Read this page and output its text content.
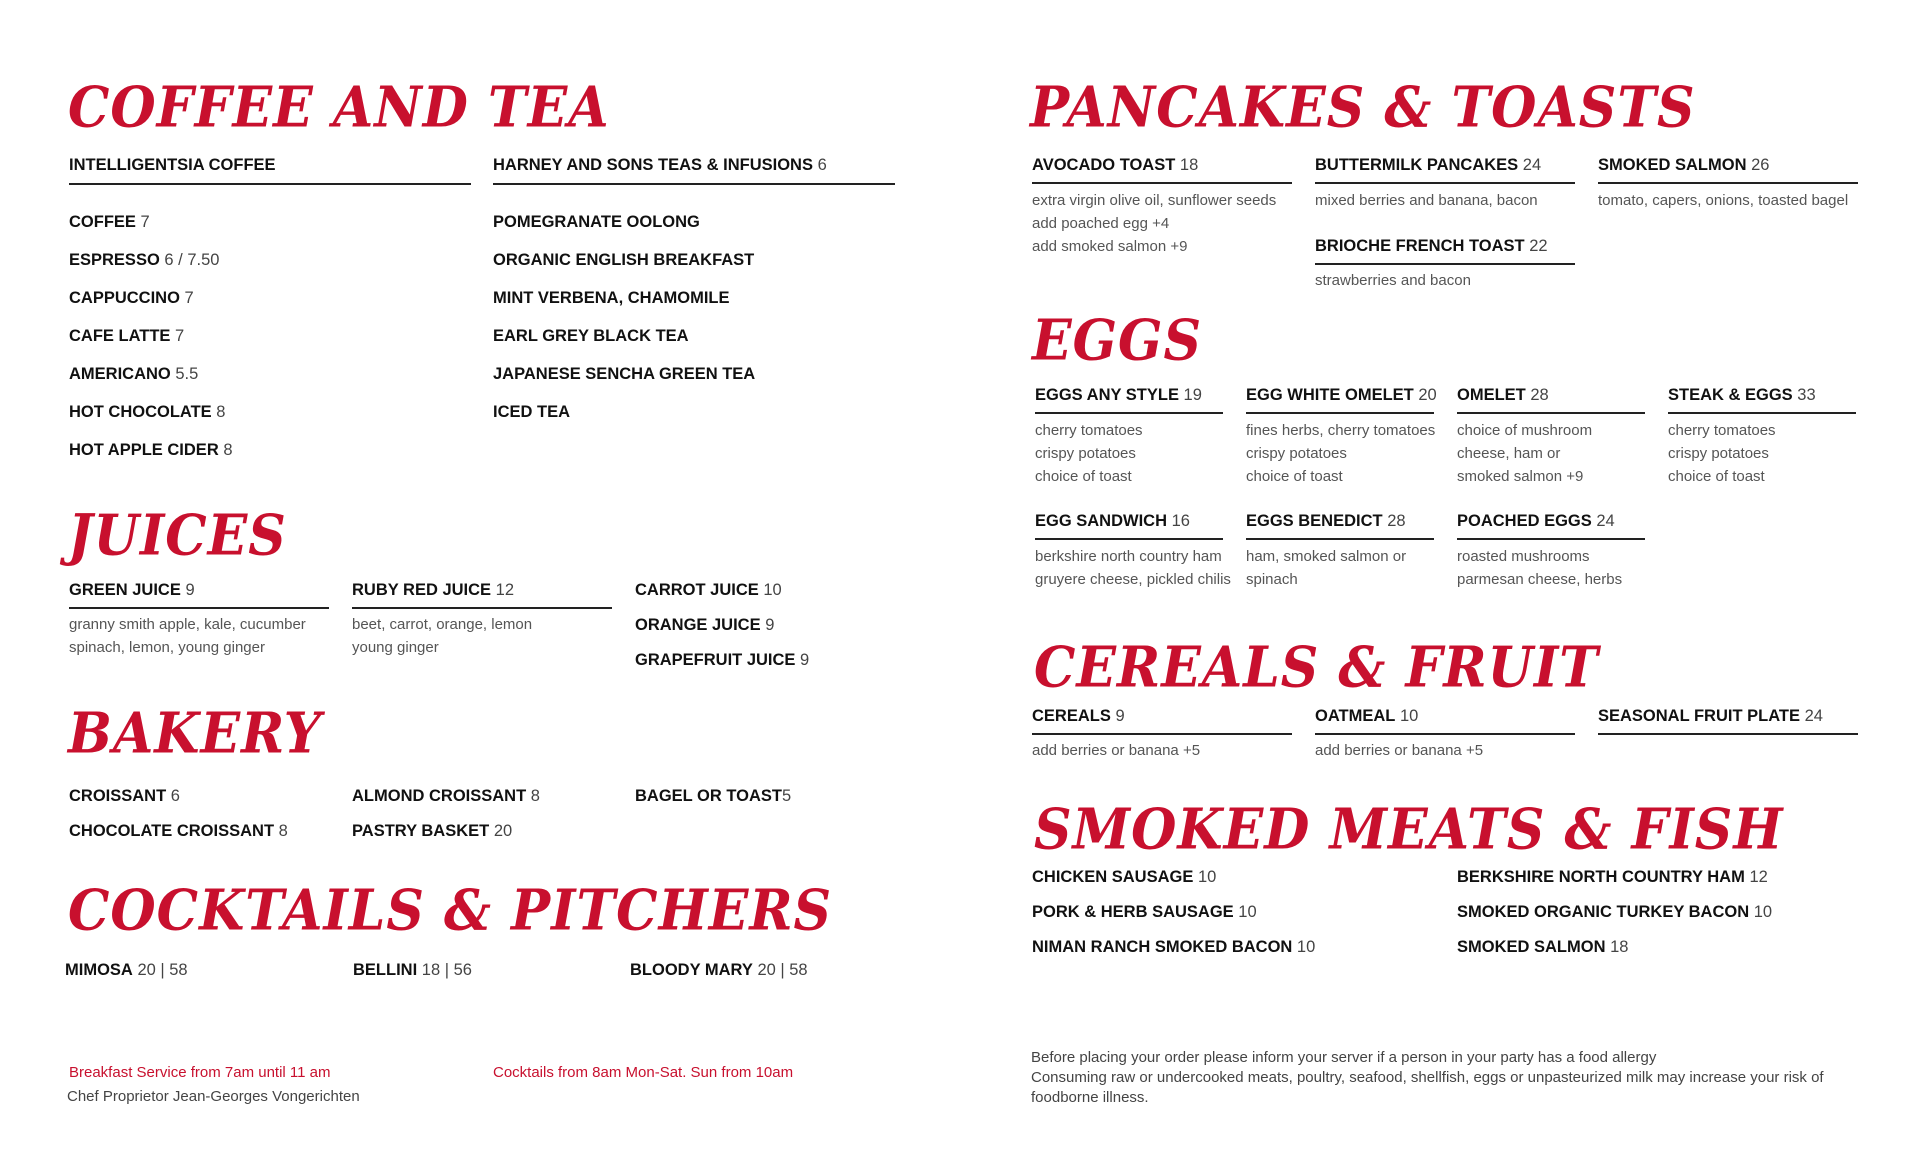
COFFEE AND TEA
INTELLIGENTSIA COFFEE	HARNEY AND SONS TEAS & INFUSIONS 6
COFFEE 7
ESPRESSO 6 / 7.50
CAPPUCCINO 7
CAFE LATTE 7
AMERICANO 5.5
HOT CHOCOLATE 8
HOT APPLE CIDER 8
POMEGRANATE OOLONG
ORGANIC ENGLISH BREAKFAST
MINT VERBENA, CHAMOMILE
EARL GREY BLACK TEA
JAPANESE SENCHA GREEN TEA
ICED TEA
JUICES
GREEN JUICE 9
granny smith apple, kale, cucumber
spinach, lemon, young ginger
RUBY RED JUICE 12
beet, carrot, orange, lemon
young ginger
CARROT JUICE 10
ORANGE JUICE 9
GRAPEFRUIT JUICE 9
BAKERY
CROISSANT 6
CHOCOLATE CROISSANT 8
ALMOND CROISSANT 8
PASTRY BASKET 20
BAGEL OR TOAST5
COCKTAILS & PITCHERS
MIMOSA 20 | 58	BELLINI 18 | 56	BLOODY MARY 20 | 58
Breakfast Service from 7am until 11 am
Chef Proprietor Jean-Georges Vongerichten
Cocktails from 8am Mon-Sat. Sun from 10am
PANCAKES & TOASTS
AVOCADO TOAST 18
extra virgin olive oil, sunflower seeds
add poached egg +4
add smoked salmon +9
BUTTERMILK PANCAKES 24
mixed berries and banana, bacon
SMOKED SALMON 26
tomato, capers, onions, toasted bagel
BRIOCHE FRENCH TOAST 22
strawberries and bacon
EGGS
EGGS ANY STYLE 19
cherry tomatoes
crispy potatoes
choice of toast
EGG WHITE OMELET 20
fines herbs, cherry tomatoes
crispy potatoes
choice of toast
OMELET 28
choice of mushroom
cheese, ham or
smoked salmon +9
STEAK & EGGS 33
cherry tomatoes
crispy potatoes
choice of toast
EGG SANDWICH 16
berkshire north country ham
gruyere cheese, pickled chilis
EGGS BENEDICT 28
ham, smoked salmon or
spinach
POACHED EGGS 24
roasted mushrooms
parmesan cheese, herbs
CEREALS & FRUIT
CEREALS 9
add berries or banana +5
OATMEAL 10
add berries or banana +5
SEASONAL FRUIT PLATE 24
SMOKED MEATS & FISH
CHICKEN SAUSAGE 10
PORK & HERB SAUSAGE 10
NIMAN RANCH SMOKED BACON 10
BERKSHIRE NORTH COUNTRY HAM 12
SMOKED ORGANIC TURKEY BACON 10
SMOKED SALMON 18
Before placing your order please inform your server if a person in your party has a food allergy
Consuming raw or undercooked meats, poultry, seafood, shellfish, eggs or unpasteurized milk may increase your risk of
foodborne illness.
